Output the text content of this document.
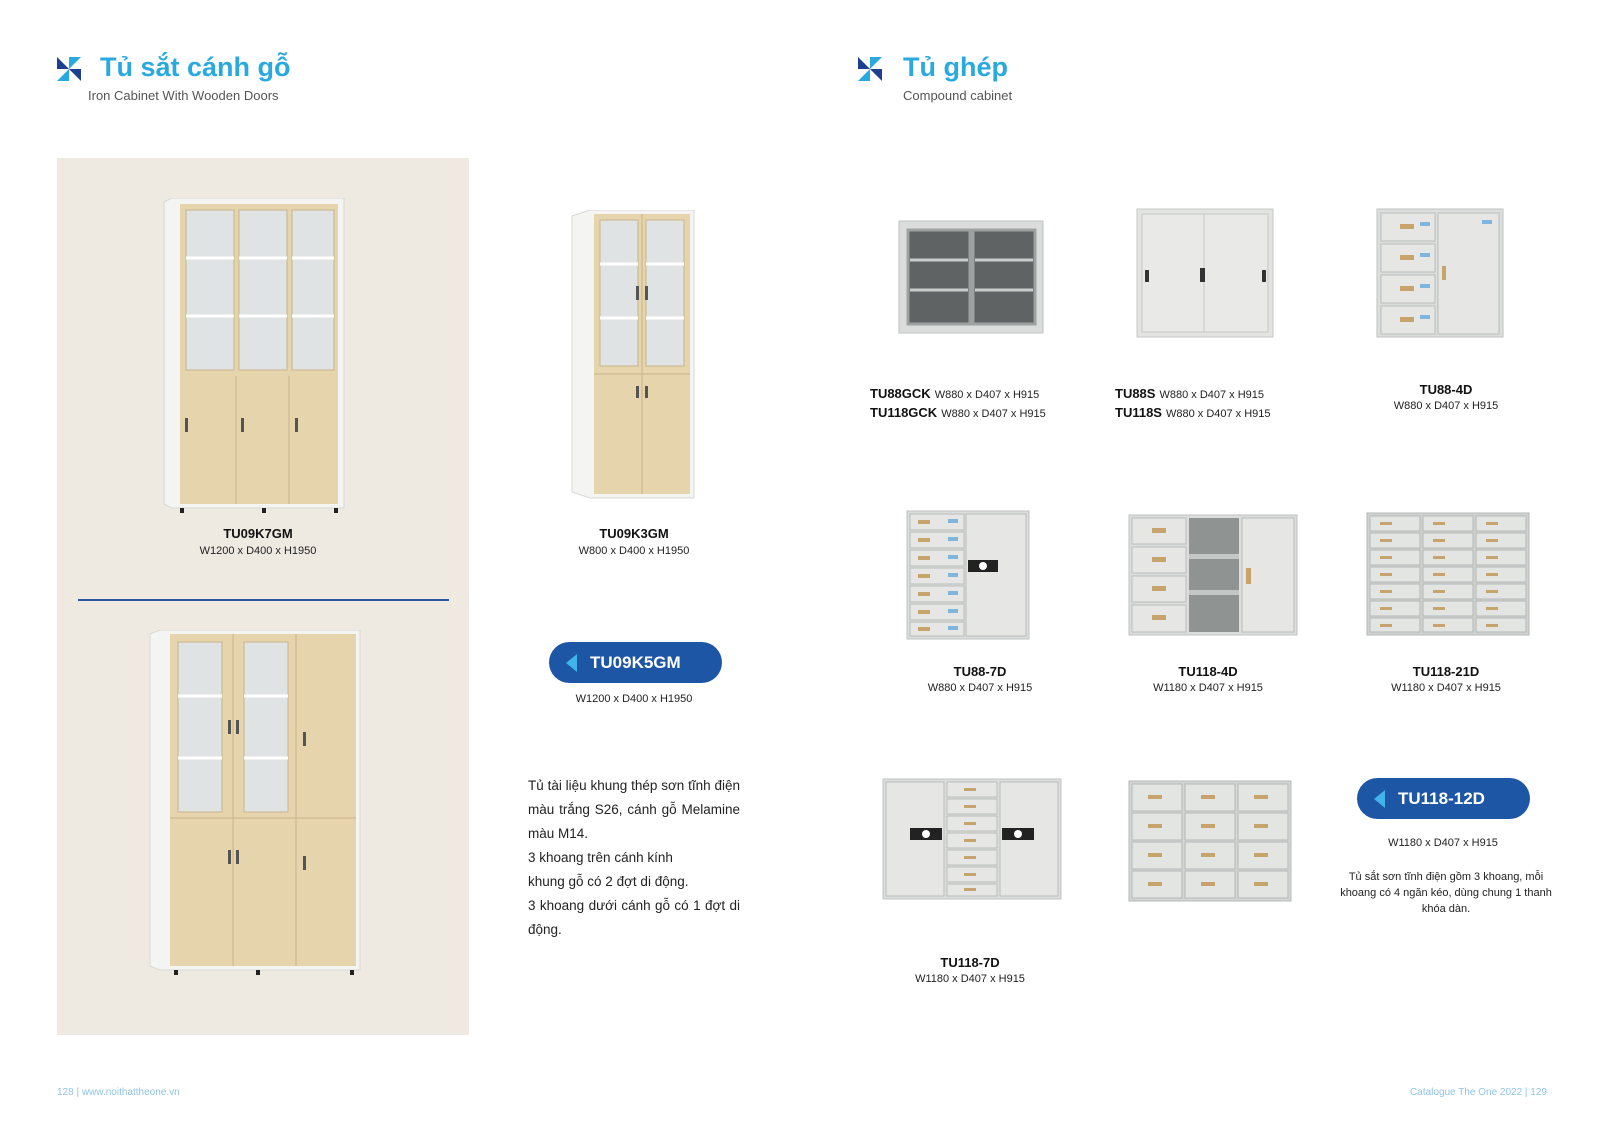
Tủ sắt cánh gỗ
Iron Cabinet With Wooden Doors
TU09K7GM
W1200 x D400 x H1950
TU09K3GM
W800 x D400 x H1950
TU09K5GM
W1200 x D400 x H1950

Tủ tài liệu khung thép sơn tĩnh điện màu trắng S26, cánh gỗ Melamine màu M14.

3 khoang trên cánh kính

khung gỗ có 2 đợt di động.

3 khoang dưới cánh gỗ có 1 đợt di động.

128 | www.noithattheone.vn
Tủ ghép
Compound cabinet
TU88GCK W880 x D407 x H915
TU118GCK W880 x D407 x H915
TU88S W880 x D407 x H915
TU118S W880 x D407 x H915
TU88-4D
W880 x D407 x H915
TU88-7D
W880 x D407 x H915
TU118-4D
W1180 x D407 x H915
TU118-21D
W1180 x D407 x H915
TU118-7D
W1180 x D407 x H915
TU118-12D
W1180 x D407 x H915
Tủ sắt sơn tĩnh điện gồm 3 khoang, mỗi khoang có 4 ngăn kéo, dùng chung 1 thanh khóa dàn.
Catalogue The One 2022 | 129
